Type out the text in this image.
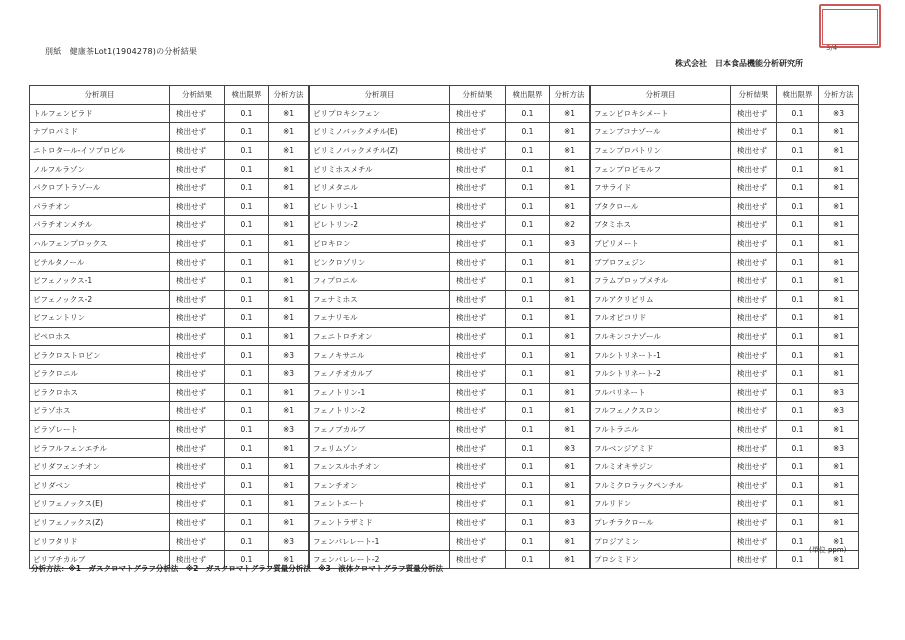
別紙　健康茶Lot1(1904278)の分析結果	3/4
株式会社　日本食品機能分析研究所
分析項目	分析結果	検出限界	分析方法		分析項目	分析結果	検出限界	分析方法		分析項目	分析結果	検出限界	分析方法
トルフェンピラド	検出せず	0.1	※1		ピリプロキシフェン	検出せず	0.1	※1		フェンピロキシメート	検出せず	0.1	※3
ナプロパミド	検出せず	0.1	※1		ピリミノバックメチル(E)	検出せず	0.1	※1		フェンブコナゾール	検出せず	0.1	※1
ニトロタール-イソプロピル	検出せず	0.1	※1		ピリミノバックメチル(Z)	検出せず	0.1	※1		フェンプロパトリン	検出せず	0.1	※1
ノルフルラゾン	検出せず	0.1	※1		ピリミホスメチル	検出せず	0.1	※1		フェンプロピモルフ	検出せず	0.1	※1
パクロブトラゾール	検出せず	0.1	※1		ピリメタニル	検出せず	0.1	※1		フサライド	検出せず	0.1	※1
パラチオン	検出せず	0.1	※1		ピレトリン-1	検出せず	0.1	※1		ブタクロール	検出せず	0.1	※1
パラチオンメチル	検出せず	0.1	※1		ピレトリン-2	検出せず	0.1	※2		ブタミホス	検出せず	0.1	※1
ハルフェンプロックス	検出せず	0.1	※1		ピロキロン	検出せず	0.1	※3		ブピリメート	検出せず	0.1	※1
ビテルタノール	検出せず	0.1	※1		ビンクロゾリン	検出せず	0.1	※1		ブプロフェジン	検出せず	0.1	※1
ビフェノックス-1	検出せず	0.1	※1		フィプロニル	検出せず	0.1	※1		フラムプロップメチル	検出せず	0.1	※1
ビフェノックス-2	検出せず	0.1	※1		フェナミホス	検出せず	0.1	※1		フルアクリピリム	検出せず	0.1	※1
ビフェントリン	検出せず	0.1	※1		フェナリモル	検出せず	0.1	※1		フルオピコリド	検出せず	0.1	※1
ピペロホス	検出せず	0.1	※1		フェニトロチオン	検出せず	0.1	※1		フルキンコナゾール	検出せず	0.1	※1
ピラクロストロビン	検出せず	0.1	※3		フェノキサニル	検出せず	0.1	※1		フルシトリネート-1	検出せず	0.1	※1
ピラクロニル	検出せず	0.1	※3		フェノチオカルブ	検出せず	0.1	※1		フルシトリネート-2	検出せず	0.1	※1
ピラクロホス	検出せず	0.1	※1		フェノトリン-1	検出せず	0.1	※1		フルバリネート	検出せず	0.1	※3
ピラゾホス	検出せず	0.1	※1		フェノトリン-2	検出せず	0.1	※1		フルフェノクスロン	検出せず	0.1	※3
ピラゾレート	検出せず	0.1	※3		フェノブカルブ	検出せず	0.1	※1		フルトラニル	検出せず	0.1	※1
ピラフルフェンエチル	検出せず	0.1	※1		フェリムゾン	検出せず	0.1	※3		フルベンジアミド	検出せず	0.1	※3
ピリダフェンチオン	検出せず	0.1	※1		フェンスルホチオン	検出せず	0.1	※1		フルミオキサジン	検出せず	0.1	※1
ピリダベン	検出せず	0.1	※1		フェンチオン	検出せず	0.1	※1		フルミクロラックペンチル	検出せず	0.1	※1
ピリフェノックス(E)	検出せず	0.1	※1		フェントエート	検出せず	0.1	※1		フルリドン	検出せず	0.1	※1
ピリフェノックス(Z)	検出せず	0.1	※1		フェントラザミド	検出せず	0.1	※3		プレチラクロール	検出せず	0.1	※1
ピリフタリド	検出せず	0.1	※3		フェンバレレート-1	検出せず	0.1	※1		プロジアミン	検出せず	0.1	※1
ピリブチカルブ	検出せず	0.1	※1		フェンバレレート-2	検出せず	0.1	※1		プロシミドン	検出せず	0.1	※1
(単位 ppm)
分析方法：※1　ガスクロマトグラフ分析法　※2　ガスクロマトグラフ質量分析法　※3　液体クロマトグラフ質量分析法
